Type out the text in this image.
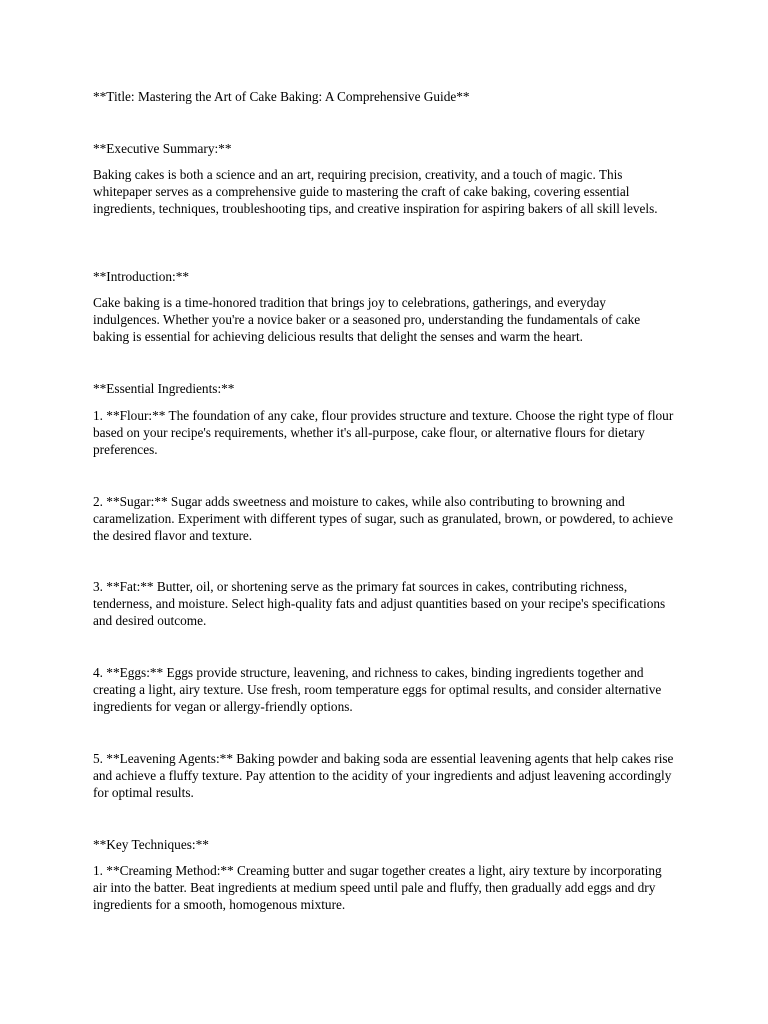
**Title: Mastering the Art of Cake Baking: A Comprehensive Guide**

**Executive Summary:**

Baking cakes is both a science and an art, requiring precision, creativity, and a touch of magic. This whitepaper serves as a comprehensive guide to mastering the craft of cake baking, covering essential ingredients, techniques, troubleshooting tips, and creative inspiration for aspiring bakers of all skill levels.

**Introduction:**

Cake baking is a time-honored tradition that brings joy to celebrations, gatherings, and everyday indulgences. Whether you're a novice baker or a seasoned pro, understanding the fundamentals of cake baking is essential for achieving delicious results that delight the senses and warm the heart.

**Essential Ingredients:**

1. **Flour:** The foundation of any cake, flour provides structure and texture. Choose the right type of flour based on your recipe's requirements, whether it's all-purpose, cake flour, or alternative flours for dietary preferences.

2. **Sugar:** Sugar adds sweetness and moisture to cakes, while also contributing to browning and caramelization. Experiment with different types of sugar, such as granulated, brown, or powdered, to achieve the desired flavor and texture.

3. **Fat:** Butter, oil, or shortening serve as the primary fat sources in cakes, contributing richness, tenderness, and moisture. Select high-quality fats and adjust quantities based on your recipe's specifications and desired outcome.

4. **Eggs:** Eggs provide structure, leavening, and richness to cakes, binding ingredients together and creating a light, airy texture. Use fresh, room temperature eggs for optimal results, and consider alternative ingredients for vegan or allergy-friendly options.

5. **Leavening Agents:** Baking powder and baking soda are essential leavening agents that help cakes rise and achieve a fluffy texture. Pay attention to the acidity of your ingredients and adjust leavening accordingly for optimal results.

**Key Techniques:**

1. **Creaming Method:** Creaming butter and sugar together creates a light, airy texture by incorporating air into the batter. Beat ingredients at medium speed until pale and fluffy, then gradually add eggs and dry ingredients for a smooth, homogenous mixture.
